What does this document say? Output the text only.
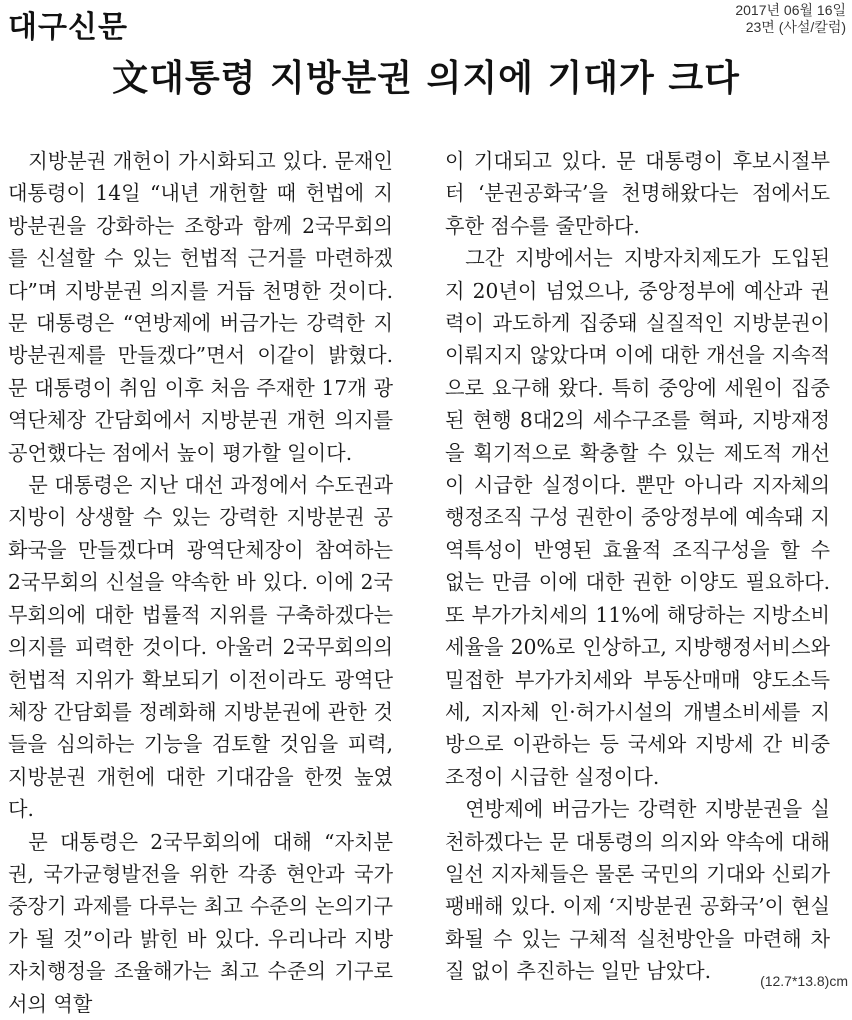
대구신문	2017년 06월 16일
23면 (사설/칼럼)
文대통령 지방분권 의지에 기대가 크다

지방분권 개헌이 가시화되고 있다. 문재인 대통령이 14일 “내년 개헌할 때 헌법에 지방분권을 강화하는 조항과 함께 2국무회의를 신설할 수 있는 헌법적 근거를 마련하겠다”며 지방분권 의지를 거듭 천명한 것이다. 문 대통령은 “연방제에 버금가는 강력한 지방분권제를 만들겠다”면서 이같이 밝혔다. 문 대통령이 취임 이후 처음 주재한 17개 광역단체장 간담회에서 지방분권 개헌 의지를 공언했다는 점에서 높이 평가할 일이다.

문 대통령은 지난 대선 과정에서 수도권과 지방이 상생할 수 있는 강력한 지방분권 공화국을 만들겠다며 광역단체장이 참여하는 2국무회의 신설을 약속한 바 있다. 이에 2국무회의에 대한 법률적 지위를 구축하겠다는 의지를 피력한 것이다. 아울러 2국무회의의 헌법적 지위가 확보되기 이전이라도 광역단체장 간담회를 정례화해 지방분권에 관한 것들을 심의하는 기능을 검토할 것임을 피력, 지방분권 개헌에 대한 기대감을 한껏 높였다.

문 대통령은 2국무회의에 대해 “자치분권, 국가균형발전을 위한 각종 현안과 국가 중장기 과제를 다루는 최고 수준의 논의기구가 될 것”이라 밝힌 바 있다. 우리나라 지방자치행정을 조율해가는 최고 수준의 기구로서의 역할

이 기대되고 있다. 문 대통령이 후보시절부터 ‘분권공화국’을 천명해왔다는 점에서도 후한 점수를 줄만하다.

그간 지방에서는 지방자치제도가 도입된 지 20년이 넘었으나, 중앙정부에 예산과 권력이 과도하게 집중돼 실질적인 지방분권이 이뤄지지 않았다며 이에 대한 개선을 지속적으로 요구해 왔다. 특히 중앙에 세원이 집중된 현행 8대2의 세수구조를 혁파, 지방재정을 획기적으로 확충할 수 있는 제도적 개선이 시급한 실정이다. 뿐만 아니라 지자체의 행정조직 구성 권한이 중앙정부에 예속돼 지역특성이 반영된 효율적 조직구성을 할 수 없는 만큼 이에 대한 권한 이양도 필요하다. 또 부가가치세의 11%에 해당하는 지방소비세율을 20%로 인상하고, 지방행정서비스와 밀접한 부가가치세와 부동산매매 양도소득세, 지자체 인·허가시설의 개별소비세를 지방으로 이관하는 등 국세와 지방세 간 비중조정이 시급한 실정이다.

연방제에 버금가는 강력한 지방분권을 실천하겠다는 문 대통령의 의지와 약속에 대해 일선 지자체들은 물론 국민의 기대와 신뢰가 팽배해 있다. 이제 ‘지방분권 공화국’이 현실화될 수 있는 구체적 실천방안을 마련해 차질 없이 추진하는 일만 남았다.	(12.7*13.8)cm
